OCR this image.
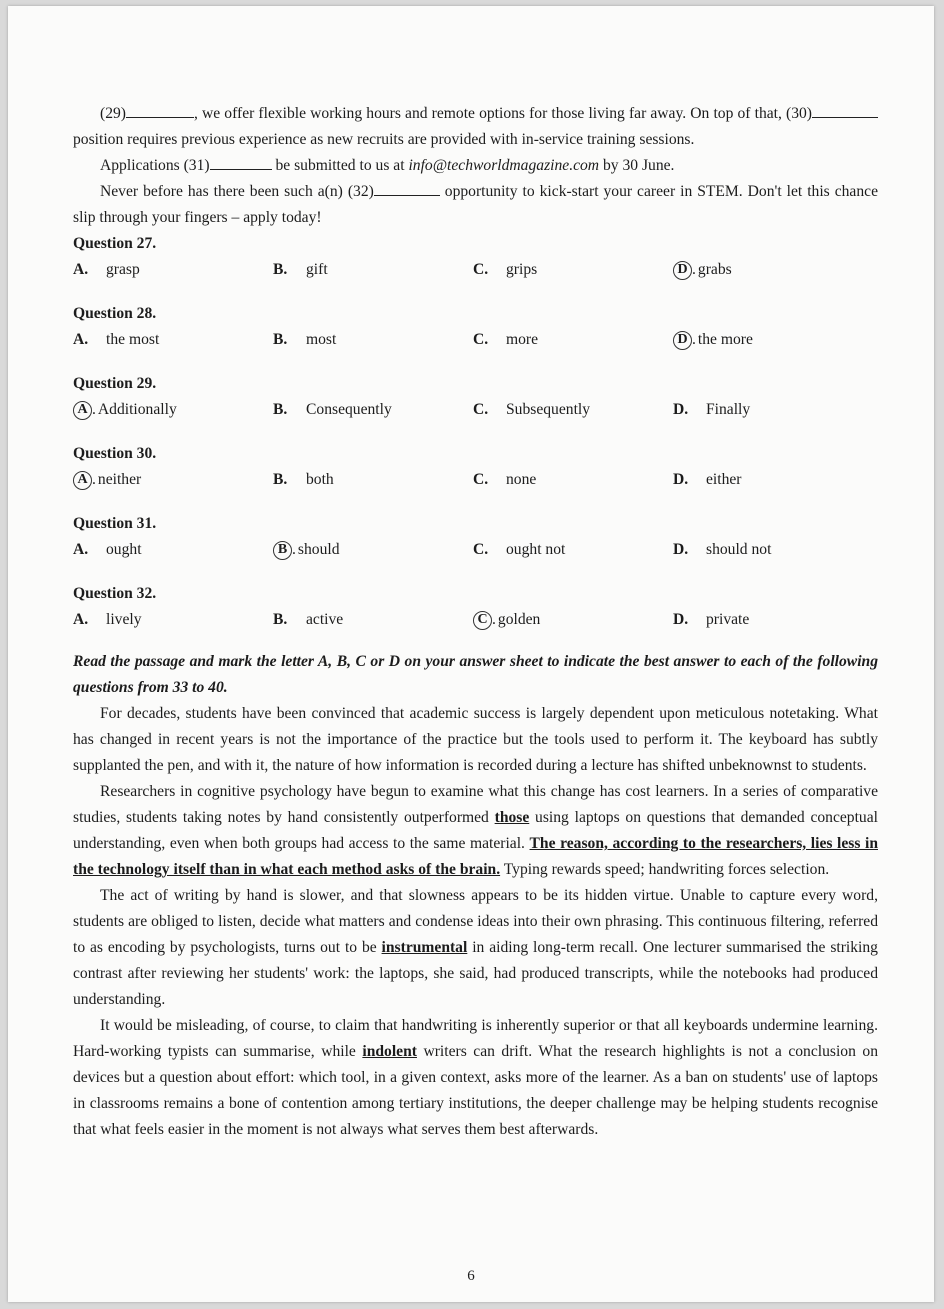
(29)	, we offer flexible working hours and remote options for those living far away. On top of that, (30) position requires previous experience as new recruits are provided with in-service training sessions.

Applications (31)	be submitted to us at info@techworldmagazine.com by 30 June.

Never before has there been such a(n) (32)	opportunity to kick-start your career in STEM. Don't let this chance slip through your fingers – apply today!

Question 27.
A.	grasp	B.	gift	C.	grips	D . grabs
Question 28.
A.	the most	B.	most	C.	more	D . the more
Question 29.
A . Additionally	B.	Consequently	C.	Subsequently	D.	Finally
Question 30.
A . neither	B.	both	C.	none	D.	either
Question 31.
A.	ought	B . should	C.	ought not	D.	should not
Question 32.
A.	lively	B.	active	C . golden	D.	private

Read the passage and mark the letter A, B, C or D on your answer sheet to indicate the best answer to each of the following questions from 33 to 40.

For decades, students have been convinced that academic success is largely dependent upon meticulous notetaking. What has changed in recent years is not the importance of the practice but the tools used to perform it. The keyboard has subtly supplanted the pen, and with it, the nature of how information is recorded during a lecture has shifted unbeknownst to students.

Researchers in cognitive psychology have begun to examine what this change has cost learners. In a series of comparative studies, students taking notes by hand consistently outperformed those using laptops on questions that demanded conceptual understanding, even when both groups had access to the same material. The reason, according to the researchers, lies less in the technology itself than in what each method asks of the brain. Typing rewards speed; handwriting forces selection.

The act of writing by hand is slower, and that slowness appears to be its hidden virtue. Unable to capture every word, students are obliged to listen, decide what matters and condense ideas into their own phrasing. This continuous filtering, referred to as encoding by psychologists, turns out to be instrumental in aiding long-term recall. One lecturer summarised the striking contrast after reviewing her students' work: the laptops, she said, had produced transcripts, while the notebooks had produced understanding.

It would be misleading, of course, to claim that handwriting is inherently superior or that all keyboards undermine learning. Hard-working typists can summarise, while indolent writers can drift. What the research highlights is not a conclusion on devices but a question about effort: which tool, in a given context, asks more of the learner. As a ban on students' use of laptops in classrooms remains a bone of contention among tertiary institutions, the deeper challenge may be helping students recognise that what feels easier in the moment is not always what serves them best afterwards.

6
